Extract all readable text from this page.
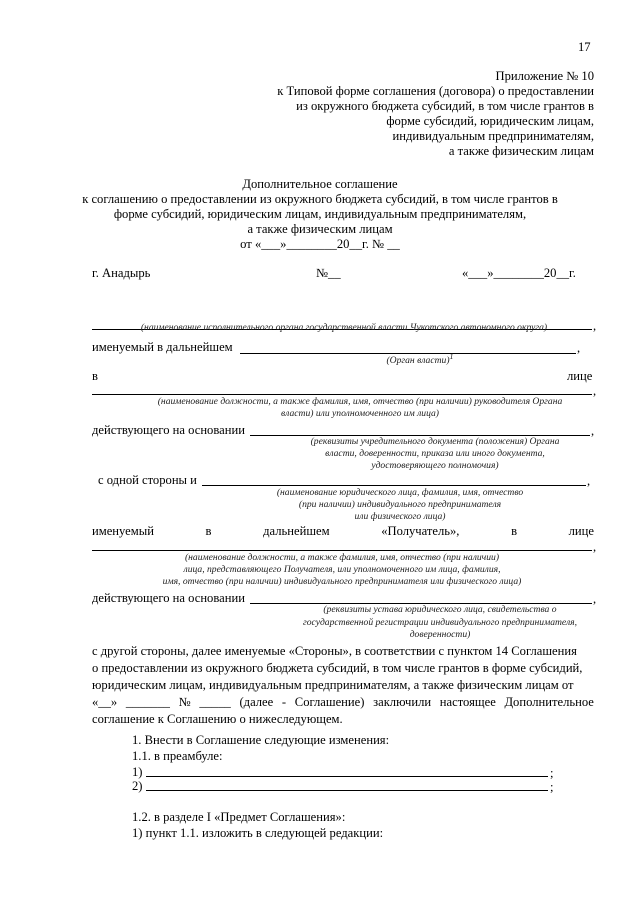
17
Приложение № 10
к Типовой форме соглашения (договора) о предоставлении
из окружного бюджета субсидий, в том числе грантов в
форме субсидий, юридическим лицам,
индивидуальным предпринимателям,
а также физическим лицам
Дополнительное соглашение
к соглашению о предоставлении из окружного бюджета субсидий, в том числе грантов в
форме субсидий, юридическим лицам, индивидуальным предпринимателям,
а также физическим лицам
от «___»________20__г. № __
г. Анадырь	№__	«___»________20__г.
,
(наименование исполнительного органа государственной власти Чукотского автономного округа)
именуемый в дальнейшем	,
(Орган власти)$^1$
в	лице
,
(наименование должности, а также фамилия, имя, отчество (при наличии) руководителя Органа
власти) или уполномоченного им лица)
действующего на основании	,
(реквизиты учредительного документа (положения) Органа
власти, доверенности, приказа или иного документа,
удостоверяющего полномочия)
с одной стороны и	,
(наименование юридического лица, фамилия, имя, отчество
(при наличии) индивидуального предпринимателя
или физического лица)
именуемый	в	дальнейшем	«Получатель»,	в	лице
,
(наименование должности, а также фамилия, имя, отчество (при наличии)
лица, представляющего Получателя, или уполномоченного им лица, фамилия,
имя, отчество (при наличии) индивидуального предпринимателя или физического лица)
действующего на основании	,
(реквизиты устава юридического лица, свидетельства о
государственной регистрации индивидуального предпринимателя,
доверенности)
с другой стороны, далее именуемые «Стороны», в соответствии с пунктом 14 Соглашения
о предоставлении из окружного бюджета субсидий, в том числе грантов в форме субсидий,
юридическим лицам, индивидуальным предпринимателям, а также физическим лицам от
«__» _______ № _____ (далее - Соглашение) заключили настоящее Дополнительное
соглашение к Соглашению о нижеследующем.
1. Внести в Соглашение следующие изменения:
1.1. в преамбуле:
1)	;
2)	;
1.2. в разделе I «Предмет Соглашения»:
1) пункт 1.1. изложить в следующей редакции:
